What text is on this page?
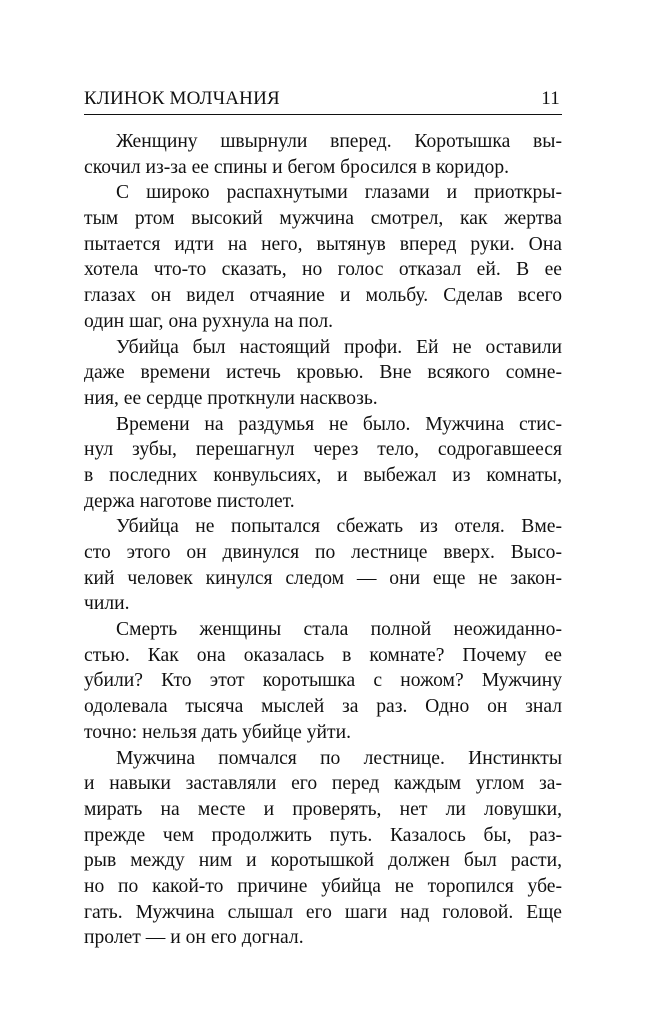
КЛИНОК МОЛЧАНИЯ	11
Женщину швырнули вперед. Коротышка вы-
скочил из-за ее спины и бегом бросился в коридор.
С широко распахнутыми глазами и приоткры-
тым ртом высокий мужчина смотрел, как жертва
пытается идти на него, вытянув вперед руки. Она
хотела что-то сказать, но голос отказал ей. В ее
глазах он видел отчаяние и мольбу. Сделав всего
один шаг, она рухнула на пол.
Убийца был настоящий профи. Ей не оставили
даже времени истечь кровью. Вне всякого сомне-
ния, ее сердце проткнули насквозь.
Времени на раздумья не было. Мужчина стис-
нул зубы, перешагнул через тело, содрогавшееся
в последних конвульсиях, и выбежал из комнаты,
держа наготове пистолет.
Убийца не попытался сбежать из отеля. Вме-
сто этого он двинулся по лестнице вверх. Высо-
кий человек кинулся следом — они еще не закон-
чили.
Смерть женщины стала полной неожиданно-
стью. Как она оказалась в комнате? Почему ее
убили? Кто этот коротышка с ножом? Мужчину
одолевала тысяча мыслей за раз. Одно он знал
точно: нельзя дать убийце уйти.
Мужчина помчался по лестнице. Инстинкты
и навыки заставляли его перед каждым углом за-
мирать на месте и проверять, нет ли ловушки,
прежде чем продолжить путь. Казалось бы, раз-
рыв между ним и коротышкой должен был расти,
но по какой-то причине убийца не торопился убе-
гать. Мужчина слышал его шаги над головой. Еще
пролет — и он его догнал.
